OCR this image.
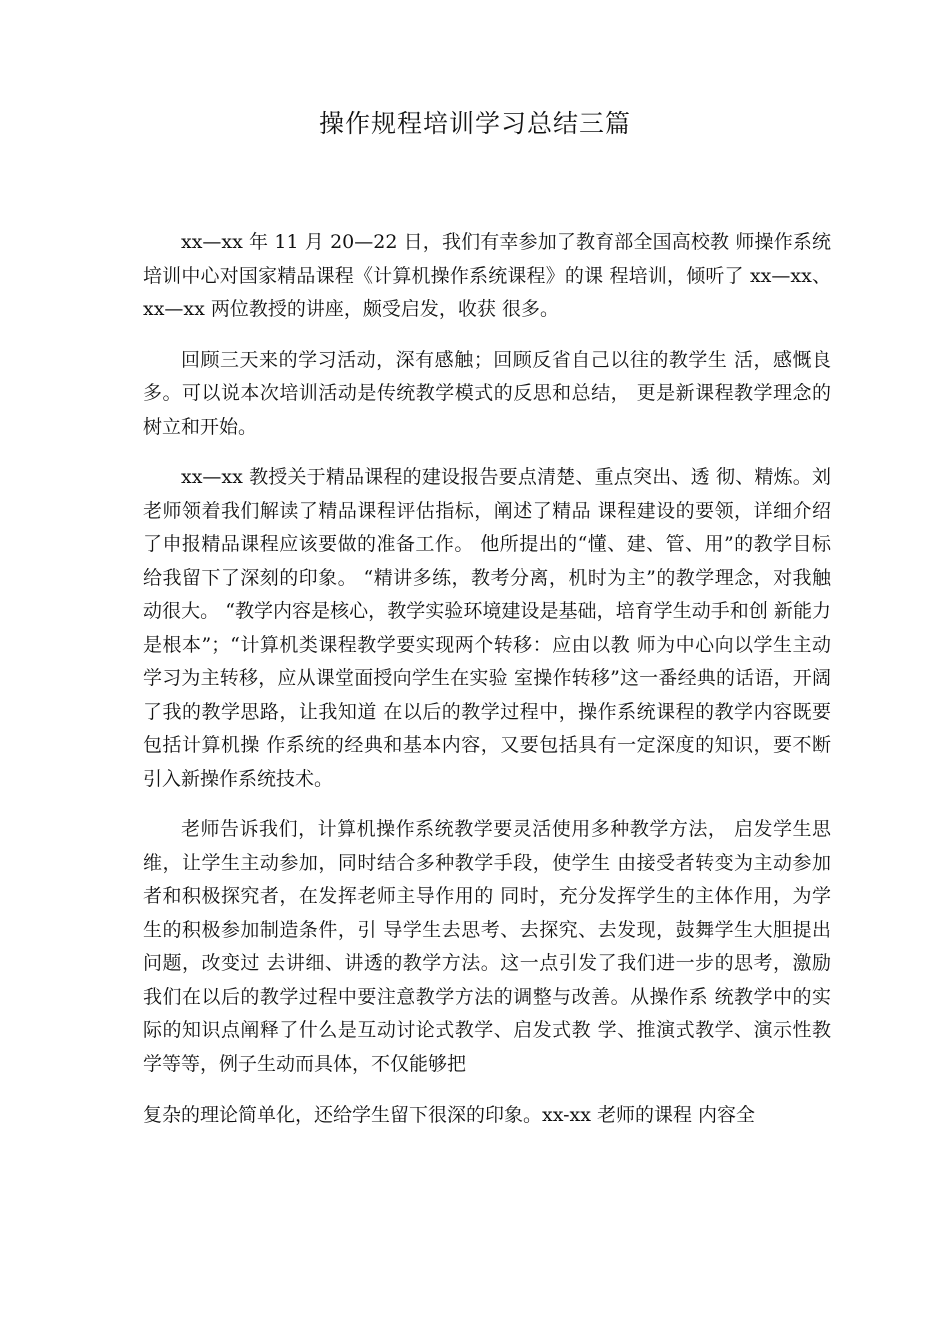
操作规程培训学习总结三篇

xx—xx 年 11 月 20—22 日，我们有幸参加了教育部全国高校教 师操作系统培训中心对国家精品课程《计算机操作系统课程》的课 程培训，倾听了 xx—xx、xx—xx 两位教授的讲座，颇受启发，收获 很多。

回顾三天来的学习活动，深有感触；回顾反省自己以往的教学生 活，感慨良多。可以说本次培训活动是传统教学模式的反思和总结， 更是新课程教学理念的树立和开始。

xx—xx 教授关于精品课程的建设报告要点清楚、重点突出、透 彻、精炼。刘老师领着我们解读了精品课程评估指标，阐述了精品 课程建设的要领，详细介绍了申报精品课程应该要做的准备工作。 他所提出的“懂、建、管、用”的教学目标给我留下了深刻的印象。 “精讲多练，教考分离，机时为主”的教学理念，对我触动很大。 “教学内容是核心，教学实验环境建设是基础，培育学生动手和创 新能力是根本”；“计算机类课程教学要实现两个转移：应由以教 师为中心向以学生主动学习为主转移，应从课堂面授向学生在实验 室操作转移”这一番经典的话语，开阔了我的教学思路，让我知道 在以后的教学过程中，操作系统课程的教学内容既要包括计算机操 作系统的经典和基本内容，又要包括具有一定深度的知识，要不断 引入新操作系统技术。

老师告诉我们，计算机操作系统教学要灵活使用多种教学方法， 启发学生思维，让学生主动参加，同时结合多种教学手段，使学生 由接受者转变为主动参加者和积极探究者，在发挥老师主导作用的 同时，充分发挥学生的主体作用，为学生的积极参加制造条件，引 导学生去思考、去探究、去发现，鼓舞学生大胆提出问题，改变过 去讲细、讲透的教学方法。这一点引发了我们进一步的思考，激励 我们在以后的教学过程中要注意教学方法的调整与改善。从操作系 统教学中的实际的知识点阐释了什么是互动讨论式教学、启发式教 学、推演式教学、演示性教学等等，例子生动而具体，不仅能够把

复杂的理论简单化，还给学生留下很深的印象。xx-xx 老师的课程 内容全
